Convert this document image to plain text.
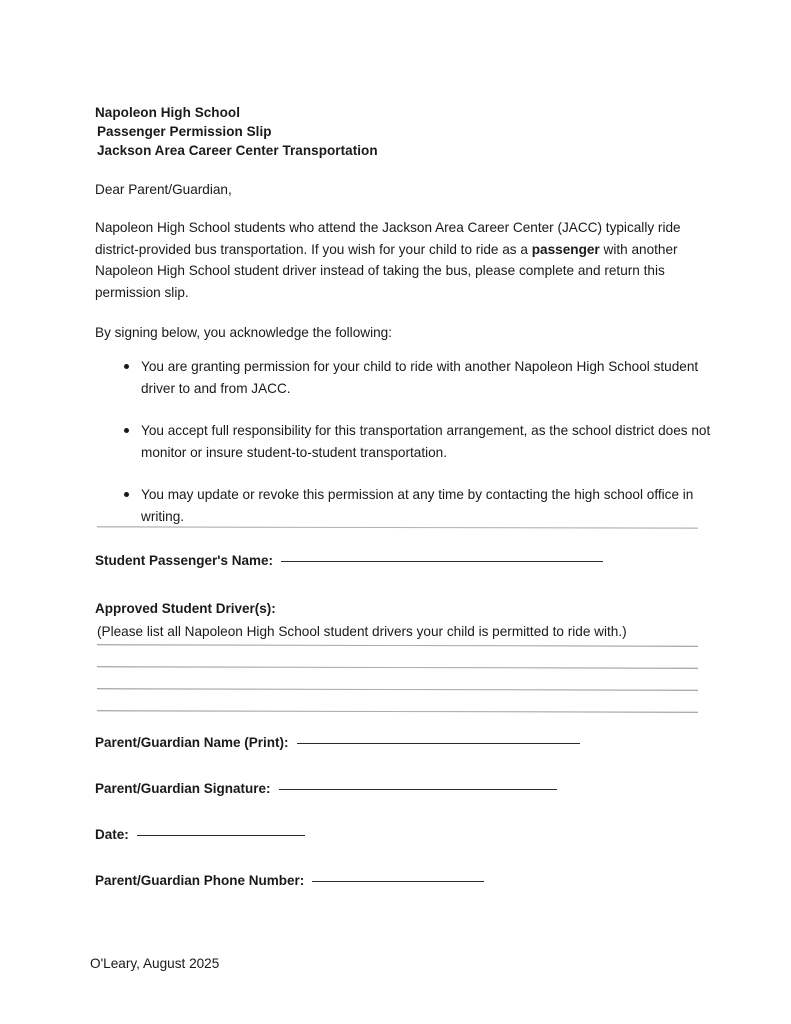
Napoleon High School
Passenger Permission Slip
Jackson Area Career Center Transportation
Dear Parent/Guardian,
Napoleon High School students who attend the Jackson Area Career Center (JACC) typically ride district-provided bus transportation. If you wish for your child to ride as a passenger with another Napoleon High School student driver instead of taking the bus, please complete and return this permission slip.
By signing below, you acknowledge the following:
You are granting permission for your child to ride with another Napoleon High School student driver to and from JACC.
You accept full responsibility for this transportation arrangement, as the school district does not monitor or insure student-to-student transportation.
You may update or revoke this permission at any time by contacting the high school office in writing.
Student Passenger's Name:
Approved Student Driver(s):
(Please list all Napoleon High School student drivers your child is permitted to ride with.)
Parent/Guardian Name (Print):
Parent/Guardian Signature:
Date:
Parent/Guardian Phone Number:
O'Leary, August 2025
